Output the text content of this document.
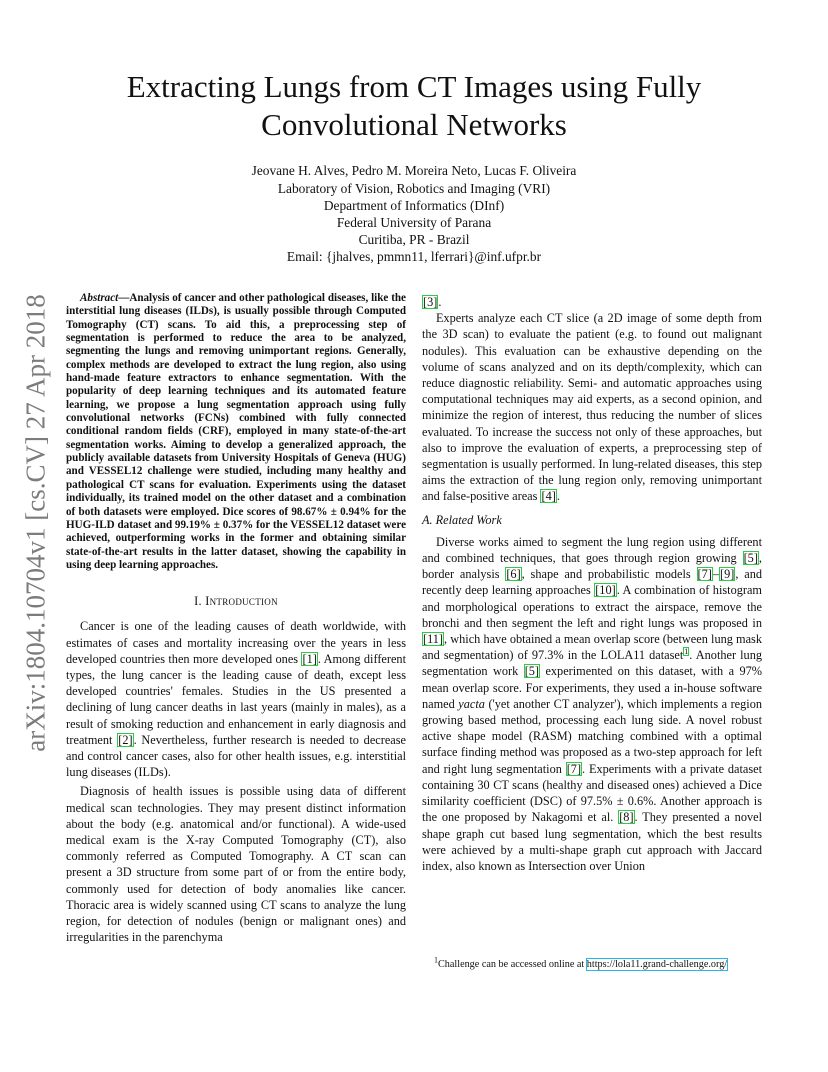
arXiv:1804.10704v1 [cs.CV] 27 Apr 2018
Extracting Lungs from CT Images using Fully
Convolutional Networks
Jeovane H. Alves, Pedro M. Moreira Neto, Lucas F. Oliveira
Laboratory of Vision, Robotics and Imaging (VRI)
Department of Informatics (DInf)
Federal University of Parana
Curitiba, PR - Brazil
Email: {jhalves, pmmn11, lferrari}@inf.ufpr.br
Abstract—Analysis of cancer and other pathological diseases, like the interstitial lung diseases (ILDs), is usually possible through Computed Tomography (CT) scans. To aid this, a preprocessing step of segmentation is performed to reduce the area to be analyzed, segmenting the lungs and removing unimportant regions. Generally, complex methods are developed to extract the lung region, also using hand-made feature extractors to enhance segmentation. With the popularity of deep learning techniques and its automated feature learning, we propose a lung segmentation approach using fully convolutional networks (FCNs) combined with fully connected conditional random fields (CRF), employed in many state-of-the-art segmentation works. Aiming to develop a generalized approach, the publicly available datasets from University Hospitals of Geneva (HUG) and VESSEL12 challenge were studied, including many healthy and pathological CT scans for evaluation. Experiments using the dataset individually, its trained model on the other dataset and a combination of both datasets were employed. Dice scores of 98.67% ± 0.94% for the HUG-ILD dataset and 99.19% ± 0.37% for the VESSEL12 dataset were achieved, outperforming works in the former and obtaining similar state-of-the-art results in the latter dataset, showing the capability in using deep learning approaches.
I. Introduction

Cancer is one of the leading causes of death worldwide, with estimates of cases and mortality increasing over the years in less developed countries then more developed ones [1]. Among different types, the lung cancer is the leading cause of death, except less developed countries' females. Studies in the US presented a declining of lung cancer deaths in last years (mainly in males), as a result of smoking reduction and enhancement in early diagnosis and treatment [2]. Nevertheless, further research is needed to decrease and control cancer cases, also for other health issues, e.g. interstitial lung diseases (ILDs).

Diagnosis of health issues is possible using data of different medical scan technologies. They may present distinct information about the body (e.g. anatomical and/or functional). A wide-used medical exam is the X-ray Computed Tomography (CT), also commonly referred as Computed Tomography. A CT scan can present a 3D structure from some part of or from the entire body, commonly used for detection of body anomalies like cancer. Thoracic area is widely scanned using CT scans to analyze the lung region, for detection of nodules (benign or malignant ones) and irregularities in the parenchyma

[3].

Experts analyze each CT slice (a 2D image of some depth from the 3D scan) to evaluate the patient (e.g. to found out malignant nodules). This evaluation can be exhaustive depending on the volume of scans analyzed and on its depth/complexity, which can reduce diagnostic reliability. Semi- and automatic approaches using computational techniques may aid experts, as a second opinion, and minimize the region of interest, thus reducing the number of slices evaluated. To increase the success not only of these approaches, but also to improve the evaluation of experts, a preprocessing step of segmentation is usually performed. In lung-related diseases, this step aims the extraction of the lung region only, removing unimportant and false-positive areas [4].

A. Related Work

Diverse works aimed to segment the lung region using different and combined techniques, that goes through region growing [5], border analysis [6], shape and probabilistic models [7]–[9], and recently deep learning approaches [10]. A combination of histogram and morphological operations to extract the airspace, remove the bronchi and then segment the left and right lungs was proposed in [11], which have obtained a mean overlap score (between lung mask and segmentation) of 97.3% in the LOLA11 dataset$^1$. Another lung segmentation work [5] experimented on this dataset, with a 97% mean overlap score. For experiments, they used a in-house software named yacta ('yet another CT analyzer'), which implements a region growing based method, processing each lung side. A novel robust active shape model (RASM) matching combined with a optimal surface finding method was proposed as a two-step approach for left and right lung segmentation [7]. Experiments with a private dataset containing 30 CT scans (healthy and diseased ones) achieved a Dice similarity coefficient (DSC) of 97.5% ± 0.6%. Another approach is the one proposed by Nakagomi et al. [8]. They presented a novel shape graph cut based lung segmentation, which the best results were achieved by a multi-shape graph cut approach with Jaccard index, also known as Intersection over Union

$^1$Challenge can be accessed online at https://lola11.grand-challenge.org/
